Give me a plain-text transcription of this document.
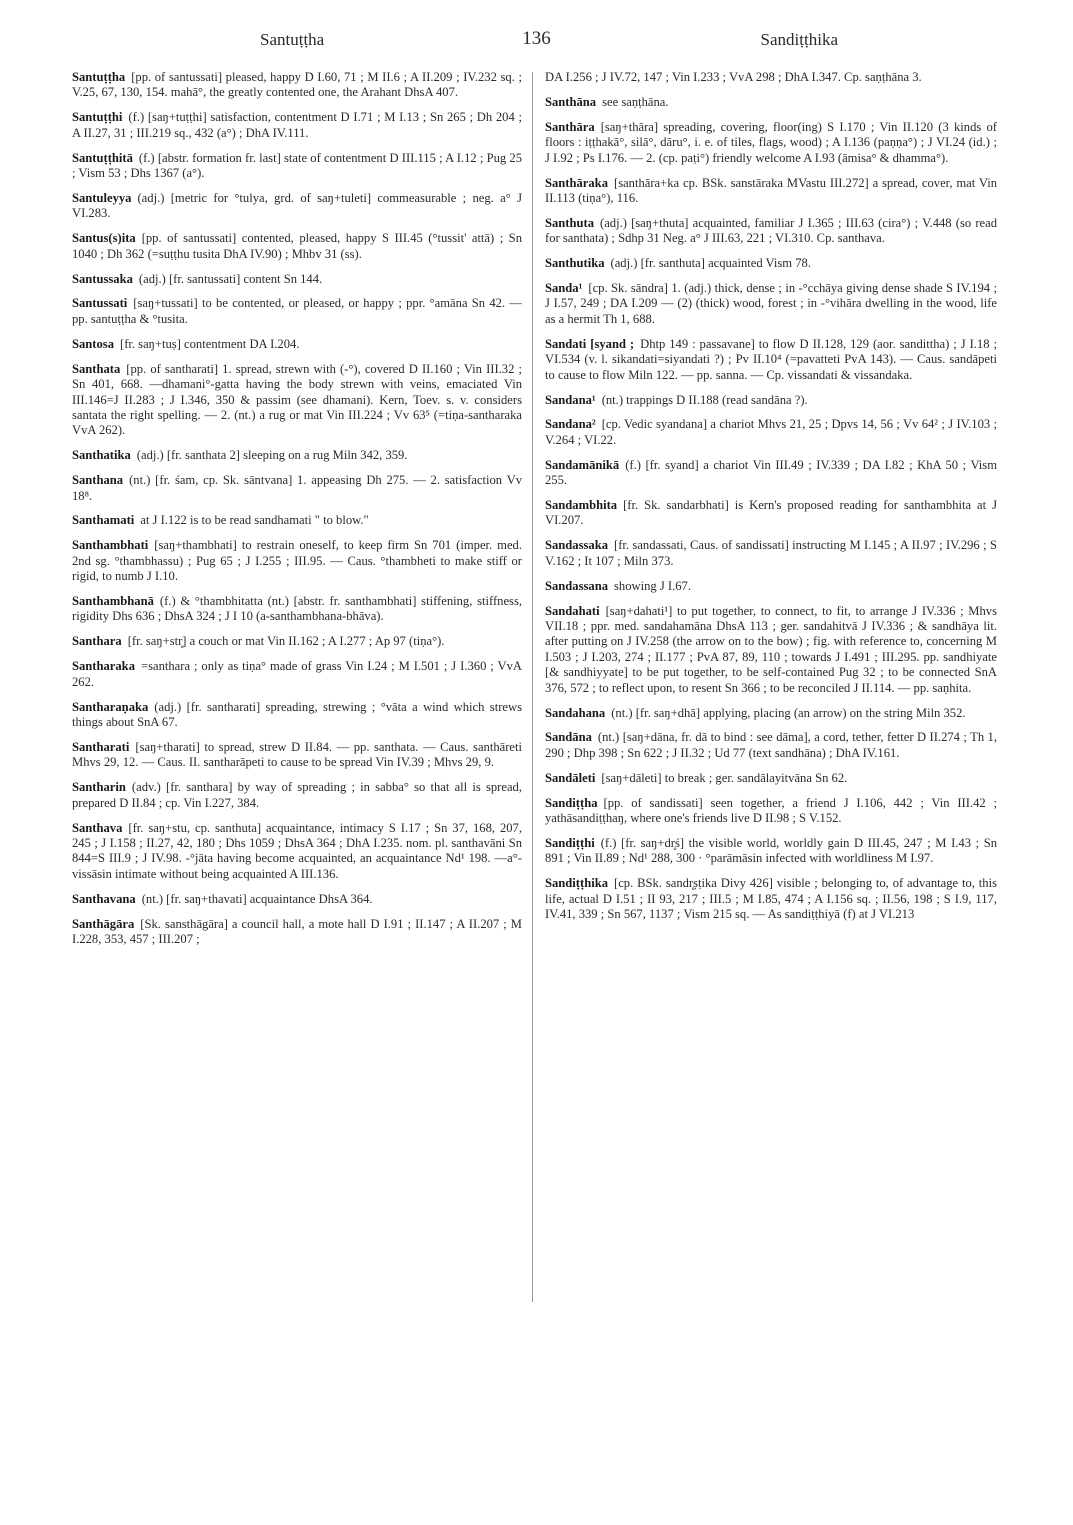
136
Santuṭṭha	Sandiṭṭhika

Santuṭṭha [pp. of santussati] pleased, happy D I.60, 71 ; M II.6 ; A II.209 ; IV.232 sq. ; V.25, 67, 130, 154. mahā°, the greatly contented one, the Arahant DhsA 407.

Santuṭṭhi (f.) [saŋ+tuṭṭhi] satisfaction, contentment D I.71 ; M I.13 ; Sn 265 ; Dh 204 ; A II.27, 31 ; III.219 sq., 432 (a°) ; DhA IV.111.

Santuṭṭhitā (f.) [abstr. formation fr. last] state of contentment D III.115 ; A I.12 ; Pug 25 ; Vism 53 ; Dhs 1367 (a°).

Santuleyya (adj.) [metric for °tulya, grd. of saŋ+tuleti] commeasurable ; neg. a° J VI.283.

Santus(s)ita [pp. of santussati] contented, pleased, happy S III.45 (°tussit' attā) ; Sn 1040 ; Dh 362 (=suṭṭhu tusita DhA IV.90) ; Mhbv 31 (ss).

Santussaka (adj.) [fr. santussati] content Sn 144.

Santussati [saŋ+tussati] to be contented, or pleased, or happy ; ppr. °amāna Sn 42. — pp. santuṭṭha & °tusita.

Santosa [fr. saŋ+tuṣ] contentment DA I.204.

Santhata [pp. of santharati] 1. spread, strewn with (-°), covered D II.160 ; Vin III.32 ; Sn 401, 668. —dhamani°-gatta having the body strewn with veins, emaciated Vin III.146=J II.283 ; J I.346, 350 & passim (see dhamani). Kern, Toev. s. v. considers santata the right spelling. — 2. (nt.) a rug or mat Vin III.224 ; Vv 63⁵ (=tiṇa-santharaka VvA 262).

Santhatika (adj.) [fr. santhata 2] sleeping on a rug Miln 342, 359.

Santhana (nt.) [fr. śam, cp. Sk. sāntvana] 1. appeasing Dh 275. — 2. satisfaction Vv 18⁸.

Santhamati at J I.122 is to be read sandhamati " to blow."

Santhambhati [saŋ+thambhati] to restrain oneself, to keep firm Sn 701 (imper. med. 2nd sg. °thambhassu) ; Pug 65 ; J I.255 ; III.95. — Caus. °thambheti to make stiff or rigid, to numb J I.10.

Santhambhanā (f.) & °thambhitatta (nt.) [abstr. fr. santhambhati] stiffening, stiffness, rigidity Dhs 636 ; DhsA 324 ; J I 10 (a-santhambhana-bhāva).

Santhara [fr. saŋ+str̥] a couch or mat Vin II.162 ; A I.277 ; Ap 97 (tiṇa°).

Santharaka =santhara ; only as tiṇa° made of grass Vin I.24 ; M I.501 ; J I.360 ; VvA 262.

Santharaṇaka (adj.) [fr. santharati] spreading, strewing ; °vāta a wind which strews things about SnA 67.

Santharati [saŋ+tharati] to spread, strew D II.84. — pp. santhata. — Caus. santhāreti Mhvs 29, 12. — Caus. II. santharāpeti to cause to be spread Vin IV.39 ; Mhvs 29, 9.

Santharin (adv.) [fr. santhara] by way of spreading ; in sabba° so that all is spread, prepared D II.84 ; cp. Vin I.227, 384.

Santhava [fr. saŋ+stu, cp. santhuta] acquaintance, intimacy S I.17 ; Sn 37, 168, 207, 245 ; J I.158 ; II.27, 42, 180 ; Dhs 1059 ; DhsA 364 ; DhA I.235. nom. pl. santhavāni Sn 844=S III.9 ; J IV.98. -°jāta having become acquainted, an acquaintance Nd¹ 198. —a°-vissāsin intimate without being acquainted A III.136.

Santhavana (nt.) [fr. saŋ+thavati] acquaintance DhsA 364.

Santhāgāra [Sk. sansthāgāra] a council hall, a mote hall D I.91 ; II.147 ; A II.207 ; M I.228, 353, 457 ; III.207 ;

DA I.256 ; J IV.72, 147 ; Vin I.233 ; VvA 298 ; DhA I.347. Cp. saṇṭhāna 3.

Santhāna see saṇṭhāna.

Santhāra [saŋ+thāra] spreading, covering, floor(ing) S I.170 ; Vin II.120 (3 kinds of floors : iṭṭhakā°, silā°, dāru°, i. e. of tiles, flags, wood) ; A I.136 (paṇṇa°) ; J VI.24 (id.) ; J I.92 ; Ps I.176. — 2. (cp. paṭi°) friendly welcome A I.93 (āmisa° & dhamma°).

Santhāraka [santhāra+ka cp. BSk. sanstāraka MVastu III.272] a spread, cover, mat Vin II.113 (tiṇa°), 116.

Santhuta (adj.) [saŋ+thuta] acquainted, familiar J I.365 ; III.63 (cira°) ; V.448 (so read for santhata) ; Sdhp 31 Neg. a° J III.63, 221 ; VI.310. Cp. santhava.

Santhutika (adj.) [fr. santhuta] acquainted Vism 78.

Sanda¹ [cp. Sk. sāndra] 1. (adj.) thick, dense ; in -°cchāya giving dense shade S IV.194 ; J I.57, 249 ; DA I.209 — (2) (thick) wood, forest ; in -°vihāra dwelling in the wood, life as a hermit Th 1, 688.

Sandati [syand ; Dhtp 149 : passavane] to flow D II.128, 129 (aor. sandittha) ; J I.18 ; VI.534 (v. l. sikandati=siyandati ?) ; Pv II.10⁴ (=pavatteti PvA 143). — Caus. sandāpeti to cause to flow Miln 122. — pp. sanna. — Cp. vissandati & vissandaka.

Sandana¹ (nt.) trappings D II.188 (read sandāna ?).

Sandana² [cp. Vedic syandana] a chariot Mhvs 21, 25 ; Dpvs 14, 56 ; Vv 64² ; J IV.103 ; V.264 ; VI.22.

Sandamānikā (f.) [fr. syand] a chariot Vin III.49 ; IV.339 ; DA I.82 ; KhA 50 ; Vism 255.

Sandambhita [fr. Sk. sandarbhati] is Kern's proposed reading for santhambhita at J VI.207.

Sandassaka [fr. sandassati, Caus. of sandissati] instructing M I.145 ; A II.97 ; IV.296 ; S V.162 ; It 107 ; Miln 373.

Sandassana showing J I.67.

Sandahati [saŋ+dahati¹] to put together, to connect, to fit, to arrange J IV.336 ; Mhvs VII.18 ; ppr. med. sandahamāna DhsA 113 ; ger. sandahitvā J IV.336 ; & sandhāya lit. after putting on J IV.258 (the arrow on to the bow) ; fig. with reference to, concerning M I.503 ; J I.203, 274 ; II.177 ; PvA 87, 89, 110 ; towards J I.491 ; III.295. pp. sandhiyate [& sandhiyyate] to be put together, to be self-contained Pug 32 ; to be connected SnA 376, 572 ; to reflect upon, to resent Sn 366 ; to be reconciled J II.114. — pp. saṇhita.

Sandahana (nt.) [fr. saŋ+dhā] applying, placing (an arrow) on the string Miln 352.

Sandāna (nt.) [saŋ+dāna, fr. dā to bind : see dāma], a cord, tether, fetter D II.274 ; Th 1, 290 ; Dhp 398 ; Sn 622 ; J II.32 ; Ud 77 (text sandhāna) ; DhA IV.161.

Sandāleti [saŋ+dāleti] to break ; ger. sandālayitvāna Sn 62.

Sandiṭṭha [pp. of sandissati] seen together, a friend J I.106, 442 ; Vin III.42 ; yathāsandiṭṭhaŋ, where one's friends live D II.98 ; S V.152.

Sandiṭṭhi (f.) [fr. saŋ+dr̥ś] the visible world, worldly gain D III.45, 247 ; M I.43 ; Sn 891 ; Vin II.89 ; Nd¹ 288, 300 · °parāmāsin infected with worldliness M I.97.

Sandiṭṭhika [cp. BSk. sandr̥ṣṭika Divy 426] visible ; belonging to, of advantage to, this life, actual D I.51 ; II 93, 217 ; III.5 ; M I.85, 474 ; A I.156 sq. ; II.56, 198 ; S I.9, 117, IV.41, 339 ; Sn 567, 1137 ; Vism 215 sq. — As sandiṭṭhiyā (f) at J VI.213
